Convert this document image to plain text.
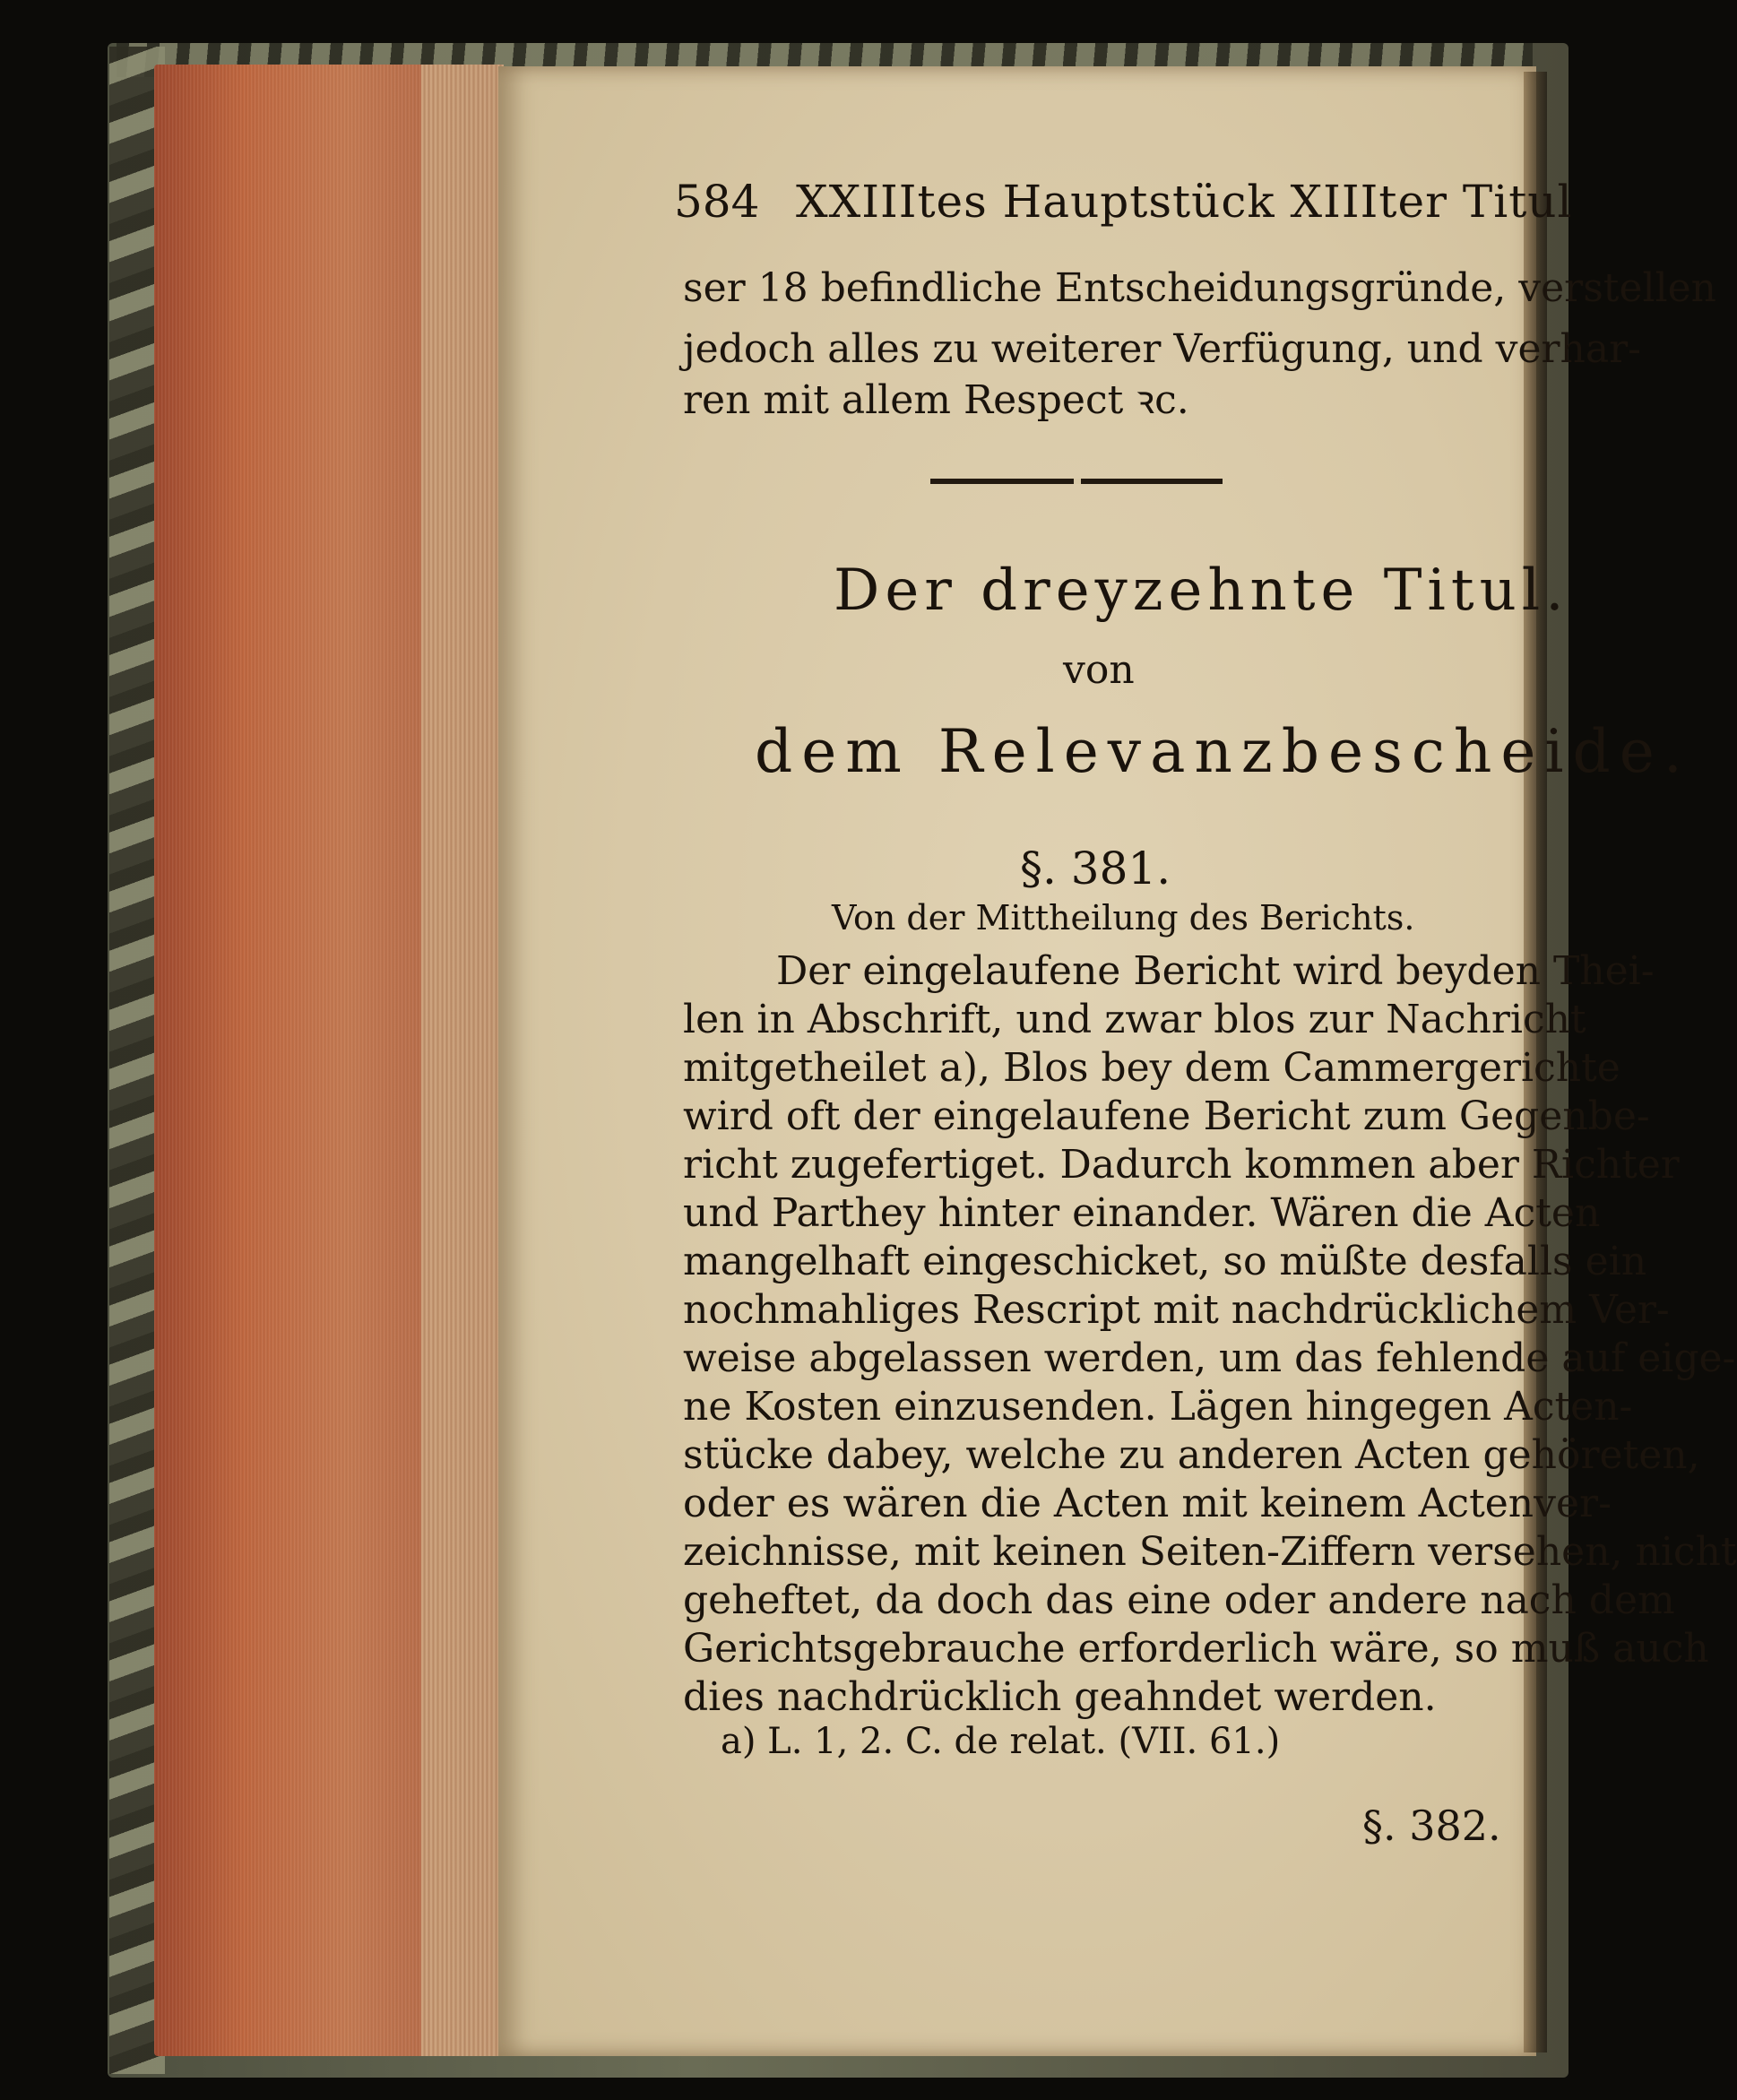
584 XXIIItes Hauptstück XIIIter Titul
ser 18 befindliche Entscheidungsgründe, verstellen
jedoch alles zu weiterer Verfügung, und verhar-
ren mit allem Respect ꝛc.
Der dreyzehnte Titul.
von
dem Relevanzbescheide.
§. 381.
Von der Mittheilung des Berichts.
Der eingelaufene Bericht wird beyden Thei-
len in Abschrift, und zwar blos zur Nachricht
mitgetheilet a), Blos bey dem Cammergerichte
wird oft der eingelaufene Bericht zum Gegenbe-
richt zugefertiget. Dadurch kommen aber Richter
und Parthey hinter einander. Wären die Acten
mangelhaft eingeschicket, so müßte desfalls ein
nochmahliges Rescript mit nachdrücklichem Ver-
weise abgelassen werden, um das fehlende auf eige-
ne Kosten einzusenden. Lägen hingegen Acten-
stücke dabey, welche zu anderen Acten gehöreten,
oder es wären die Acten mit keinem Actenver-
zeichnisse, mit keinen Seiten-Ziffern versehen, nicht
geheftet, da doch das eine oder andere nach dem
Gerichtsgebrauche erforderlich wäre, so muß auch
dies nachdrücklich geahndet werden.
a) L. 1, 2. C. de relat. (VII. 61.)
§. 382.
